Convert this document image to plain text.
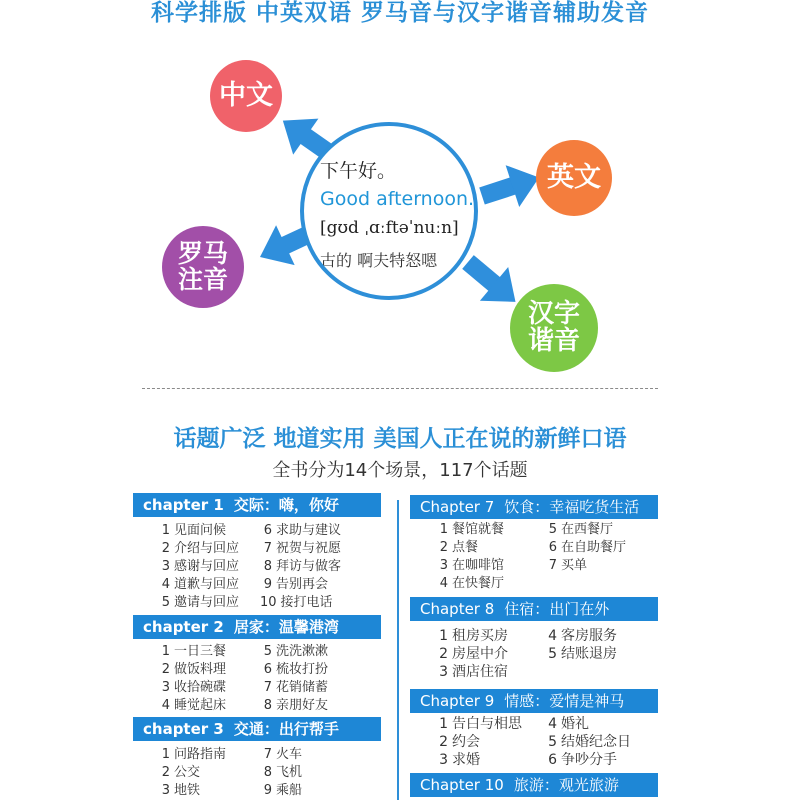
科学排版 中英双语 罗马音与汉字谐音辅助发音
中文
英文
罗马
注音
汉字
谐音
下午好。
Good afternoon.
[gʊd ˌɑːftəˈnuːn]
古的 啊夫特怒嗯
话题广泛 地道实用 美国人正在说的新鲜口语
全书分为14个场景，117个话题
chapter 1 交际：嗨，你好
1 见面问候
2 介绍与回应
3 感谢与回应
4 道歉与回应
5 邀请与回应
6 求助与建议
7 祝贺与祝愿
8 拜访与做客
9 告别再会
10 接打电话
chapter 2 居家：温馨港湾
1 一日三餐
2 做饭料理
3 收拾碗碟
4 睡觉起床
5 洗洗漱漱
6 梳妆打扮
7 花销储蓄
8 亲朋好友
chapter 3 交通：出行帮手
1 问路指南
2 公交
3 地铁
7 火车
8 飞机
9 乘船
Chapter 7 饮食：幸福吃货生活
1 餐馆就餐
2 点餐
3 在咖啡馆
4 在快餐厅
5 在西餐厅
6 在自助餐厅
7 买单
Chapter 8 住宿：出门在外
1 租房买房
2 房屋中介
3 酒店住宿
4 客房服务
5 结账退房
Chapter 9 情感：爱情是神马
1 告白与相思
2 约会
3 求婚
4 婚礼
5 结婚纪念日
6 争吵分手
Chapter 10 旅游：观光旅游
